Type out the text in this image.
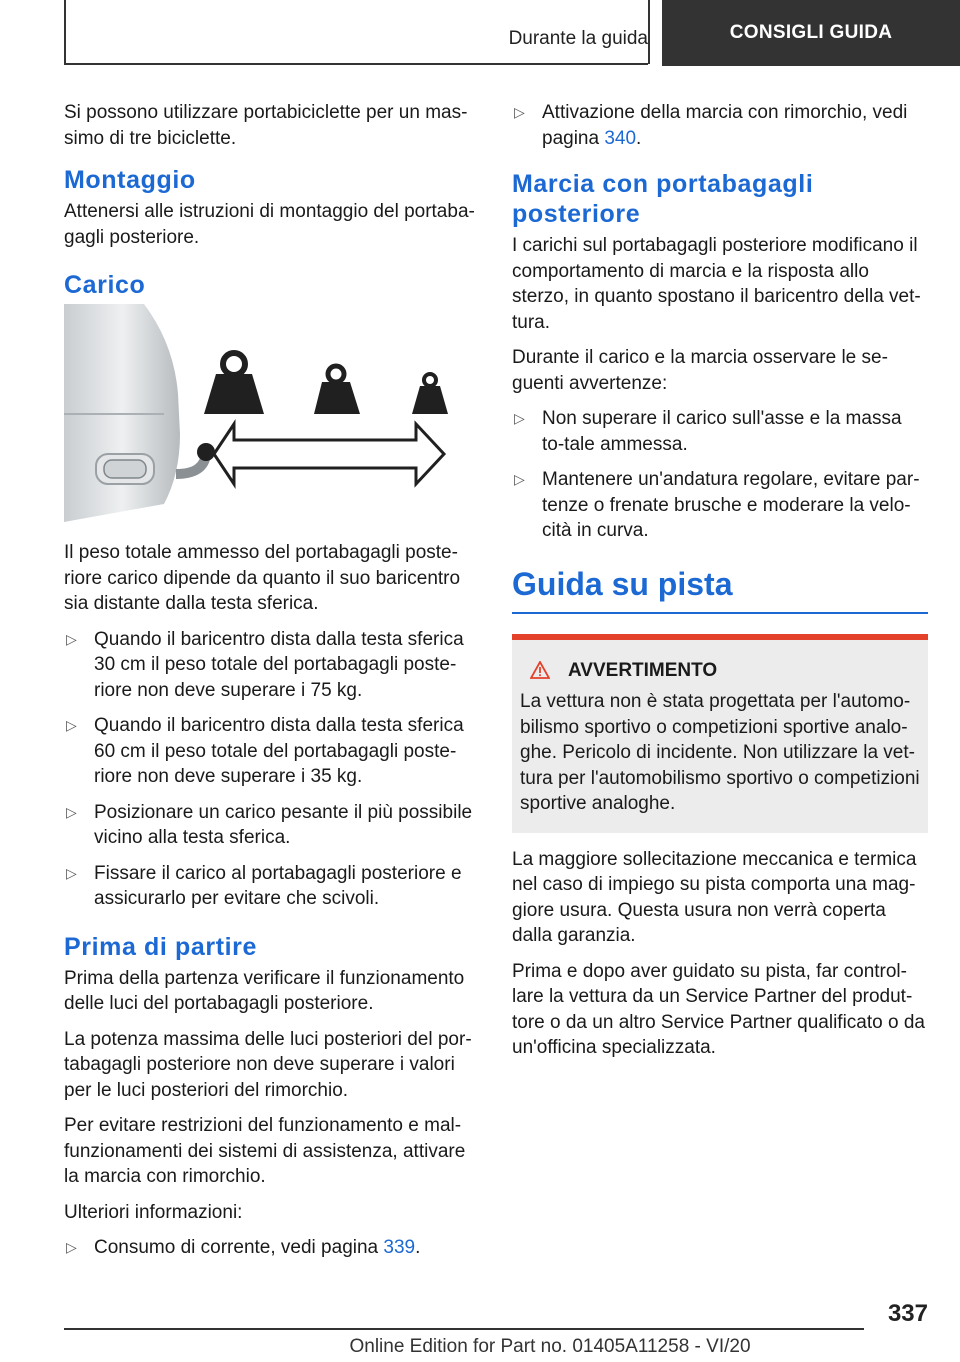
Durante la guida	CONSIGLI GUIDA

Si possono utilizzare portabiciclette per un mas-simo di tre biciclette.

Montaggio

Attenersi alle istruzioni di montaggio del portaba-gagli posteriore.

Carico

Il peso totale ammesso del portabagagli poste-riore carico dipende da quanto il suo baricentro sia distante dalla testa sferica.

▷ Quando il baricentro dista dalla testa sferica 30 cm il peso totale del portabagagli poste-riore non deve superare i 75 kg.
▷ Quando il baricentro dista dalla testa sferica 60 cm il peso totale del portabagagli poste-riore non deve superare i 35 kg.
▷ Posizionare un carico pesante il più possibile vicino alla testa sferica.
▷ Fissare il carico al portabagagli posteriore e assicurarlo per evitare che scivoli.
Prima di partire

Prima della partenza verificare il funzionamento delle luci del portabagagli posteriore.

La potenza massima delle luci posteriori del por-tabagagli posteriore non deve superare i valori per le luci posteriori del rimorchio.

Per evitare restrizioni del funzionamento e mal-funzionamenti dei sistemi di assistenza, attivare la marcia con rimorchio.

Ulteriori informazioni:

▷ Consumo di corrente, vedi pagina 339.
▷ Attivazione della marcia con rimorchio, vedi pagina 340.
Marcia con portabagagli posteriore

I carichi sul portabagagli posteriore modificano il comportamento di marcia e la risposta allo sterzo, in quanto spostano il baricentro della vet-tura.

Durante il carico e la marcia osservare le se-guenti avvertenze:

▷ Non superare il carico sull'asse e la massa to-tale ammessa.
▷ Mantenere un'andatura regolare, evitare par-tenze o frenate brusche e moderare la velo-cità in curva.
Guida su pista
AVVERTIMENTO
La vettura non è stata progettata per l'automo-bilismo sportivo o competizioni sportive analo-ghe. Pericolo di incidente. Non utilizzare la vet-tura per l'automobilismo sportivo o competizioni sportive analoghe.

La maggiore sollecitazione meccanica e termica nel caso di impiego su pista comporta una mag-giore usura. Questa usura non verrà coperta dalla garanzia.

Prima e dopo aver guidato su pista, far control-lare la vettura da un Service Partner del produt-tore o da un altro Service Partner qualificato o da un'officina specializzata.

337
Online Edition for Part no. 01405A11258 - VI/20
